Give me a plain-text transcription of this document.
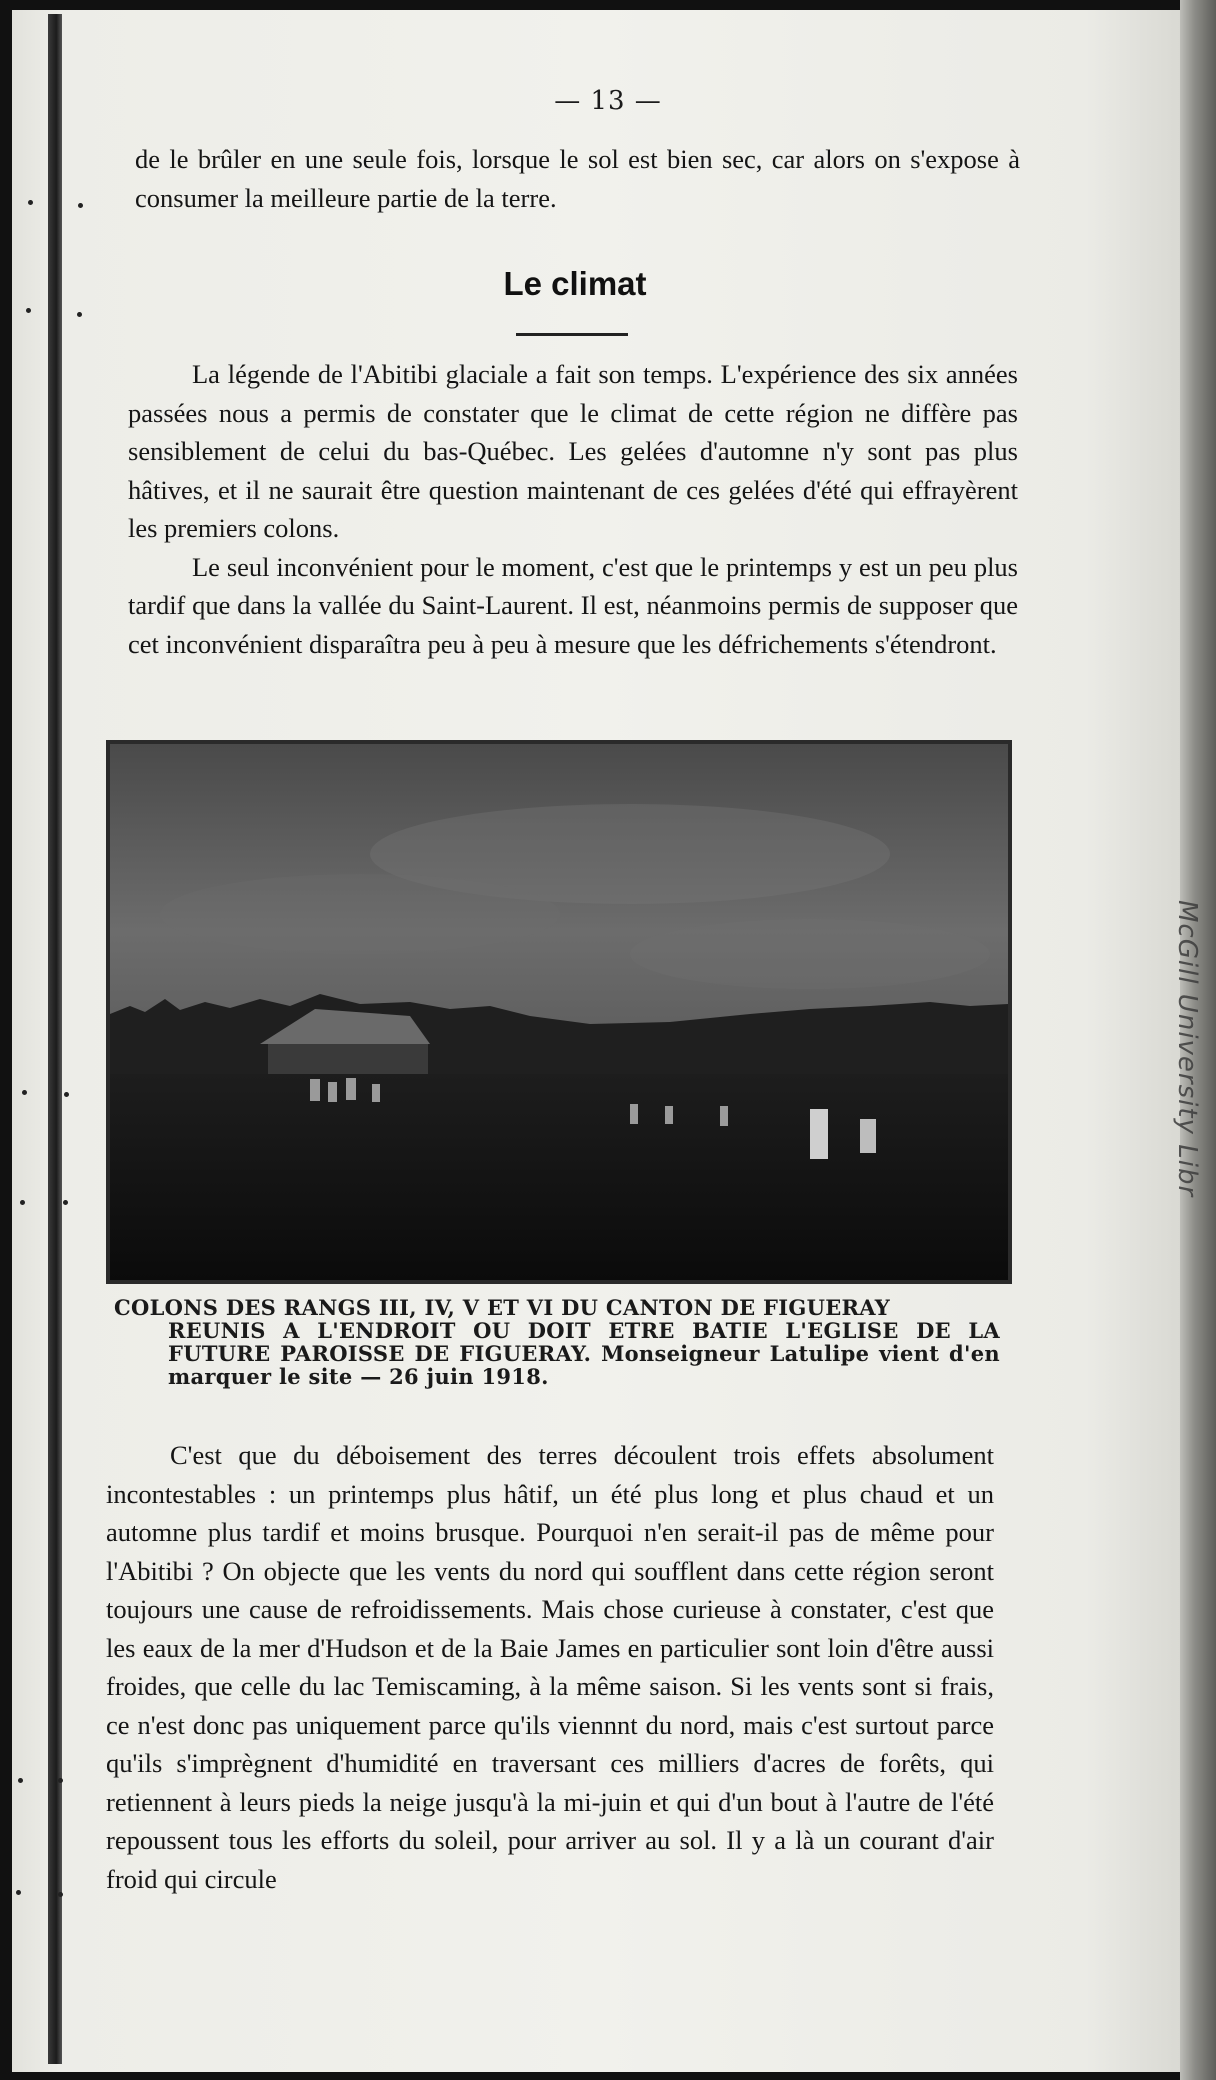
McGill University Libr
— 13 —

de le brûler en une seule fois, lorsque le sol est bien sec, car alors on s'expose à consumer la meilleure partie de la terre.

Le climat

La légende de l'Abitibi glaciale a fait son temps. L'expérience des six années passées nous a permis de constater que le climat de cette région ne diffère pas sensiblement de celui du bas-Québec. Les gelées d'automne n'y sont pas plus hâtives, et il ne saurait être question maintenant de ces gelées d'été qui effrayèrent les premiers colons.

Le seul inconvénient pour le moment, c'est que le printemps y est un peu plus tardif que dans la vallée du Saint-Laurent. Il est, néanmoins permis de supposer que cet inconvénient disparaîtra peu à peu à mesure que les défrichements s'étendront.

COLONS DES RANGS III, IV, V ET VI DU CANTON DE FIGUERAY
REUNIS A L'ENDROIT OU DOIT ETRE BATIE L'EGLISE DE LA FUTURE PAROISSE DE FIGUERAY. Monseigneur Latulipe vient d'en marquer le site — 26 juin 1918.

C'est que du déboisement des terres découlent trois effets absolument incontestables : un printemps plus hâtif, un été plus long et plus chaud et un automne plus tardif et moins brusque. Pourquoi n'en serait-il pas de même pour l'Abitibi ? On objecte que les vents du nord qui soufflent dans cette région seront toujours une cause de refroidissements. Mais chose curieuse à constater, c'est que les eaux de la mer d'Hudson et de la Baie James en particulier sont loin d'être aussi froides, que celle du lac Temiscaming, à la même saison. Si les vents sont si frais, ce n'est donc pas uniquement parce qu'ils viennnt du nord, mais c'est surtout parce qu'ils s'imprègnent d'humidité en traversant ces milliers d'acres de forêts, qui retiennent à leurs pieds la neige jusqu'à la mi-juin et qui d'un bout à l'autre de l'été repoussent tous les efforts du soleil, pour arriver au sol. Il y a là un courant d'air froid qui circule
